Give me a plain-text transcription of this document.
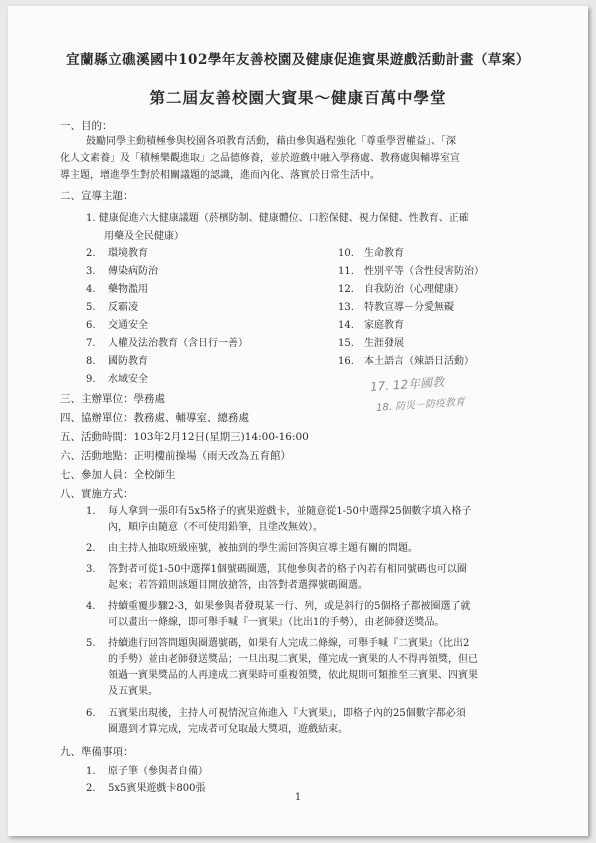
宜蘭縣立礁溪國中102學年友善校園及健康促進賓果遊戲活動計畫（草案）
第二屆友善校園大賓果～健康百萬中學堂
一、目的：
鼓勵同學主動積極參與校園各項教育活動，藉由參與過程強化「尊重學習權益」、「深
化人文素養」及「積極樂觀進取」之品德修養，並於遊戲中融入學務處、教務處與輔導室宣
導主題，增進學生對於相關議題的認識，進而內化、落實於日常生活中。
二、宣導主題：
1. 健康促進六大健康議題（菸檳防制、健康體位、口腔保健、視力保健、性教育、正確
用藥及全民健康）
2. 環境教育
3. 傳染病防治
4. 藥物濫用
5. 反霸凌
6. 交通安全
7. 人權及法治教育（含日行一善）
8. 國防教育
9. 水域安全
10. 生命教育
11. 性別平等（含性侵害防治）
12. 自我防治（心理健康）
13. 特教宣導－分愛無礙
14. 家庭教育
15. 生涯發展
16. 本土語言（辣語日活動）
17. 12年國教
18. 防災－防疫教育
三、主辦單位：學務處
四、協辦單位：教務處、輔導室、總務處
五、活動時間：103年2月12日(星期三)14:00-16:00
六、活動地點：正明樓前操場（雨天改為五育館）
七、參加人員：全校師生
八、實施方式：
1. 每人拿到一張印有5x5格子的賓果遊戲卡，並隨意從1-50中選擇25個數字填入格子
內，順序由隨意（不可使用鉛筆，且塗改無效）。
2. 由主持人抽取班級座號，被抽到的學生需回答與宣導主題有關的問題。
3. 答對者可從1-50中選擇1個號碼圈選，其他參與者的格子內若有相同號碼也可以圈
起來；若答錯則該題目開放搶答，由答對者選擇號碼圈選。
4. 持續重覆步驟2-3，如果參與者發現某一行、列，或是斜行的5個格子都被圈選了就
可以畫出一條線，即可舉手喊『一賓果』（比出1的手勢），由老師發送獎品。
5. 持續進行回答問題與圈選號碼，如果有人完成二條線，可舉手喊『二賓果』（比出2
的手勢）並由老師發送獎品；一旦出現二賓果，僅完成一賓果的人不得再領獎，但已
領過一賓果獎品的人再達成二賓果時可重複領獎，依此規則可類推至三賓果、四賓果
及五賓果。
6. 五賓果出現後，主持人可視情況宣佈進入『大賓果』，即格子內的25個數字都必須
圈選到才算完成，完成者可兌取最大獎項，遊戲結束。
九、準備事項：
1. 原子筆（參與者自備）
2. 5x5賓果遊戲卡800張
1
